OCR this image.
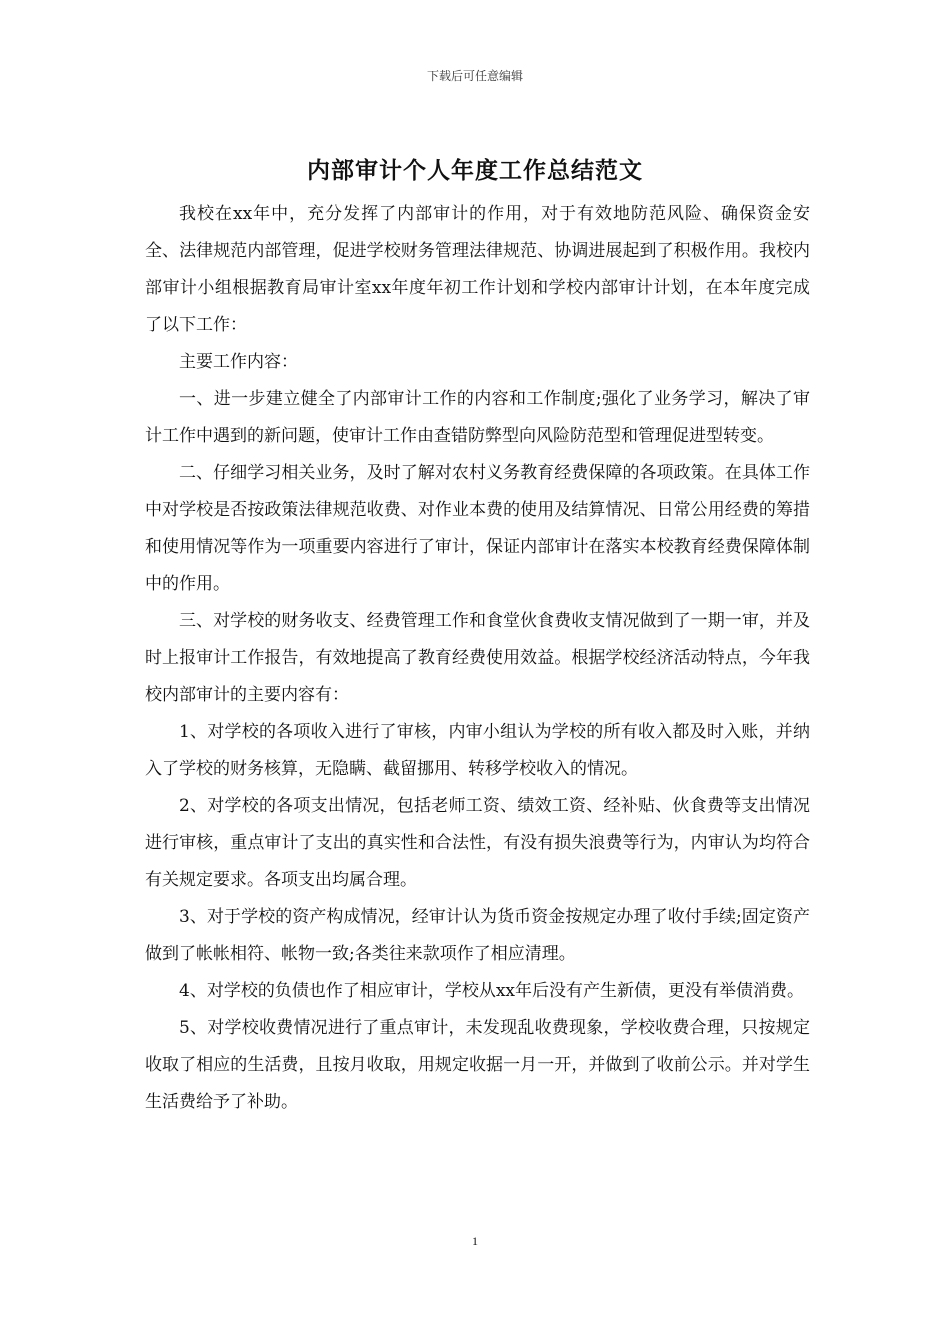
下载后可任意编辑
内部审计个人年度工作总结范文

我校在xx年中，充分发挥了内部审计的作用，对于有效地防范风险、确保资金安全、法律规范内部管理，促进学校财务管理法律规范、协调进展起到了积极作用。我校内部审计小组根据教育局审计室xx年度年初工作计划和学校内部审计计划，在本年度完成了以下工作：

主要工作内容：

一、进一步建立健全了内部审计工作的内容和工作制度;强化了业务学习，解决了审计工作中遇到的新问题，使审计工作由查错防弊型向风险防范型和管理促进型转变。

二、仔细学习相关业务，及时了解对农村义务教育经费保障的各项政策。在具体工作中对学校是否按政策法律规范收费、对作业本费的使用及结算情况、日常公用经费的筹措和使用情况等作为一项重要内容进行了审计，保证内部审计在落实本校教育经费保障体制中的作用。

三、对学校的财务收支、经费管理工作和食堂伙食费收支情况做到了一期一审，并及时上报审计工作报告，有效地提高了教育经费使用效益。根据学校经济活动特点，今年我校内部审计的主要内容有：

1、对学校的各项收入进行了审核，内审小组认为学校的所有收入都及时入账，并纳入了学校的财务核算，无隐瞒、截留挪用、转移学校收入的情况。

2、对学校的各项支出情况，包括老师工资、绩效工资、经补贴、伙食费等支出情况进行审核，重点审计了支出的真实性和合法性，有没有损失浪费等行为，内审认为均符合有关规定要求。各项支出均属合理。

3、对于学校的资产构成情况，经审计认为货币资金按规定办理了收付手续;固定资产做到了帐帐相符、帐物一致;各类往来款项作了相应清理。

4、对学校的负债也作了相应审计，学校从xx年后没有产生新债，更没有举债消费。

5、对学校收费情况进行了重点审计，未发现乱收费现象，学校收费合理，只按规定收取了相应的生活费，且按月收取，用规定收据一月一开，并做到了收前公示。并对学生生活费给予了补助。

1
